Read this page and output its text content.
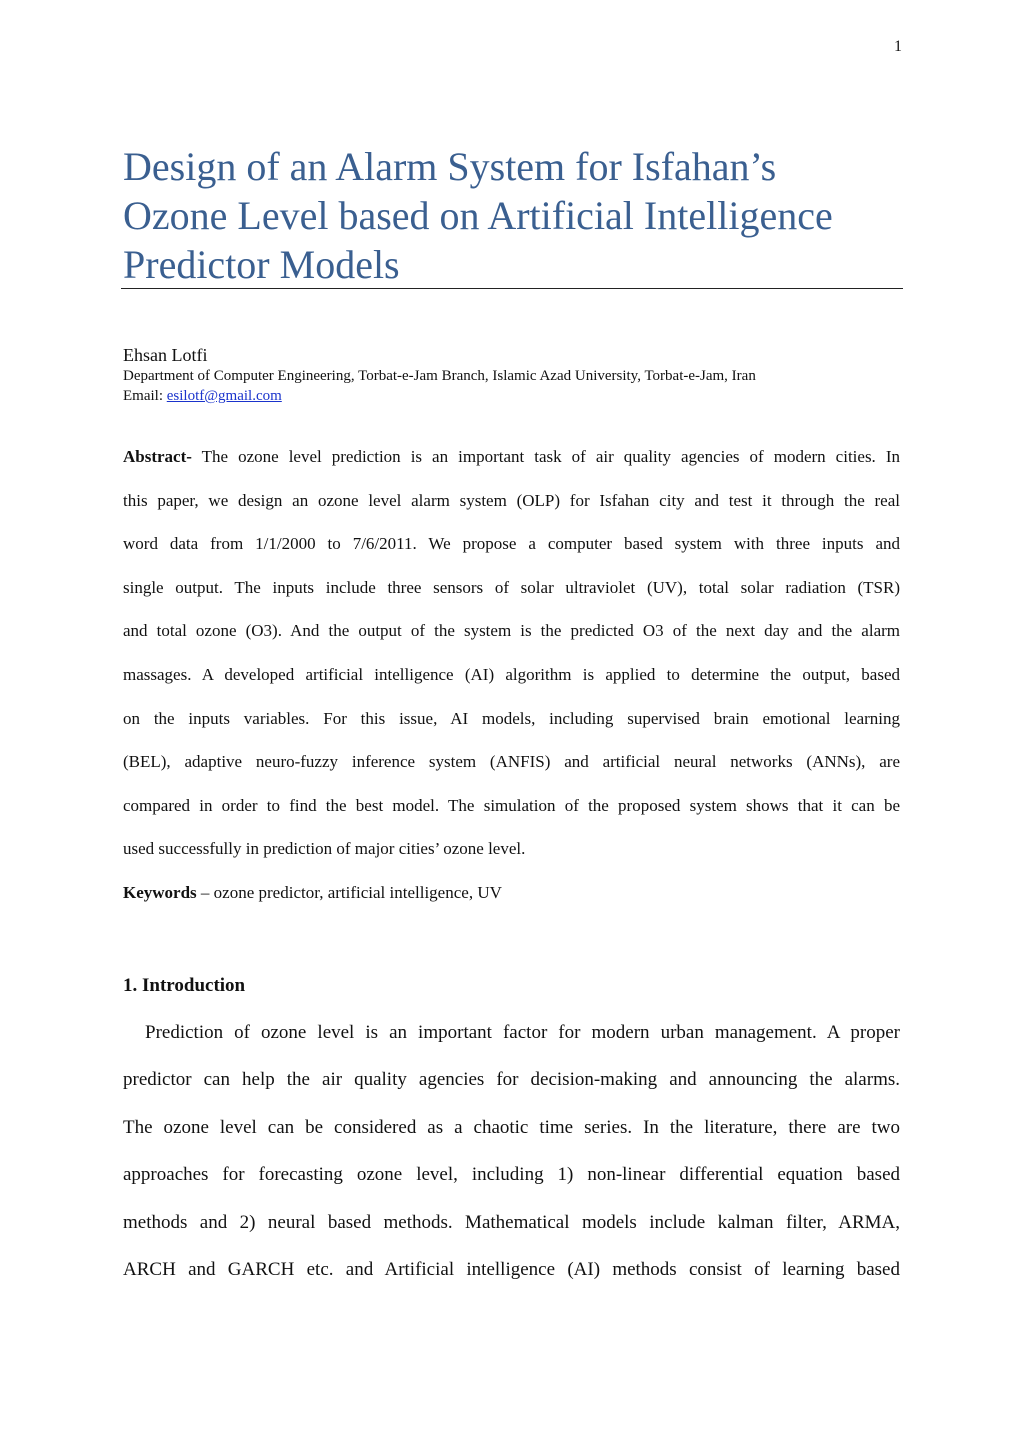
1
Design of an Alarm System for Isfahan’s
Ozone Level based on Artificial Intelligence
Predictor Models
Ehsan Lotfi
Department of Computer Engineering, Torbat-e-Jam Branch, Islamic Azad University, Torbat-e-Jam, Iran
Email: esilotf@gmail.com
Abstract- The ozone level prediction is an important task of air quality agencies of modern cities. In
this paper, we design an ozone level alarm system (OLP) for Isfahan city and test it through the real
word data from 1/1/2000 to 7/6/2011. We propose a computer based system with three inputs and
single output. The inputs include three sensors of solar ultraviolet (UV), total solar radiation (TSR)
and total ozone (O3). And the output of the system is the predicted O3 of the next day and the alarm
massages. A developed artificial intelligence (AI) algorithm is applied to determine the output, based
on the inputs variables. For this issue, AI models, including supervised brain emotional learning
(BEL), adaptive neuro-fuzzy inference system (ANFIS) and artificial neural networks (ANNs), are
compared in order to find the best model. The simulation of the proposed system shows that it can be
used successfully in prediction of major cities’ ozone level.
Keywords – ozone predictor, artificial intelligence, UV
1. Introduction
Prediction of ozone level is an important factor for modern urban management. A proper
predictor can help the air quality agencies for decision-making and announcing the alarms.
The ozone level can be considered as a chaotic time series. In the literature, there are two
approaches for forecasting ozone level, including 1) non-linear differential equation based
methods and 2) neural based methods. Mathematical models include kalman filter, ARMA,
ARCH and GARCH etc. and Artificial intelligence (AI) methods consist of learning based
